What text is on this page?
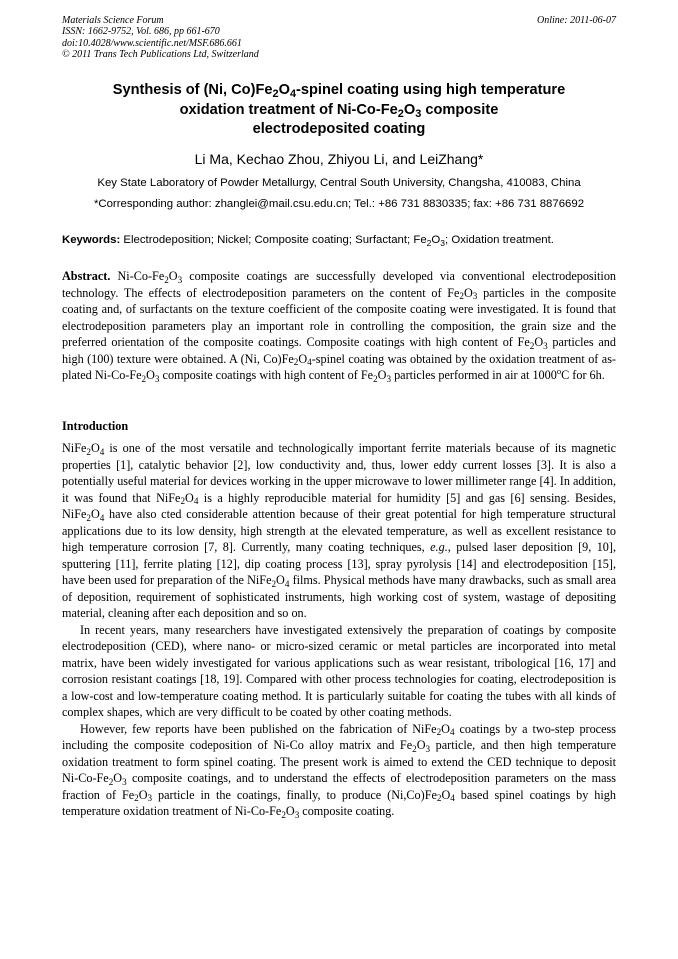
Materials Science Forum
ISSN: 1662-9752, Vol. 686, pp 661-670
doi:10.4028/www.scientific.net/MSF.686.661
© 2011 Trans Tech Publications Ltd, Switzerland
Online: 2011-06-07
Synthesis of (Ni, $Co)Fe_2O_4$-spinel coating using high temperature
oxidation treatment of $Ni-Co-Fe_2O_3$ composite
electrodeposited coating
Li Ma, Kechao Zhou, Zhiyou Li, and LeiZhang*
Key State Laboratory of Powder Metallurgy, Central South University, Changsha, 410083, China
*Corresponding author: zhanglei@mail.csu.edu.cn; Tel.: +86 731 8830335; fax: +86 731 8876692
Keywords: Electrodeposition; Nickel; Composite coating; Surfactant; $Fe_2O_3$; Oxidation treatment.

Abstract. $Ni-Co-Fe_2O_3$ composite coatings are successfully developed via conventional electrodeposition technology. The effects of electrodeposition parameters on the content of $Fe_2O_3$ particles in the composite coating and, of surfactants on the texture coefficient of the composite coating were investigated. It is found that electrodeposition parameters play an important role in controlling the composition, the grain size and the preferred orientation of the composite coatings. Composite coatings with high content of $Fe_2O_3$ particles and high (100) texture were obtained. A (Ni, $Co)Fe_2O_4$-spinel coating was obtained by the oxidation treatment of as-plated $Ni-Co-Fe_2O_3$ composite coatings with high content of $Fe_2O_3$ particles performed in air at 1000$^o$C for 6h.

Introduction

$NiFe_2O_4$ is one of the most versatile and technologically important ferrite materials because of its magnetic properties [1], catalytic behavior [2], low conductivity and, thus, lower eddy current losses [3]. It is also a potentially useful material for devices working in the upper microwave to lower millimeter range [4]. In addition, it was found that $NiFe_2O_4$ is a highly reproducible material for humidity [5] and gas [6] sensing. Besides, $NiFe_2O_4$ have also cted considerable attention because of their great potential for high temperature structural applications due to its low density, high strength at the elevated temperature, as well as excellent resistance to high temperature corrosion [7, 8]. Currently, many coating techniques, e.g., pulsed laser deposition [9, 10], sputtering [11], ferrite plating [12], dip coating process [13], spray pyrolysis [14] and electrodeposition [15], have been used for preparation of the $NiFe_2O_4$ films. Physical methods have many drawbacks, such as small area of deposition, requirement of sophisticated instruments, high working cost of system, wastage of depositing material, cleaning after each deposition and so on.

In recent years, many researchers have investigated extensively the preparation of coatings by composite electrodeposition (CED), where nano- or micro-sized ceramic or metal particles are incorporated into metal matrix, have been widely investigated for various applications such as wear resistant, tribological [16, 17] and corrosion resistant coatings [18, 19]. Compared with other process technologies for coating, electrodeposition is a low-cost and low-temperature coating method. It is particularly suitable for coating the tubes with all kinds of complex shapes, which are very difficult to be coated by other coating methods.

However, few reports have been published on the fabrication of $NiFe_2O_4$ coatings by a two-step process including the composite codeposition of Ni-Co alloy matrix and $Fe_2O_3$ particle, and then high temperature oxidation treatment to form spinel coating. The present work is aimed to extend the CED technique to deposit $Ni-Co-Fe_2O_3$ composite coatings, and to understand the effects of electrodeposition parameters on the mass fraction of $Fe_2O_3$ particle in the coatings, finally, to produce $(Ni,Co)Fe_2O_4$ based spinel coatings by high temperature oxidation treatment of $Ni-Co-Fe_2O_3$ composite coating.
